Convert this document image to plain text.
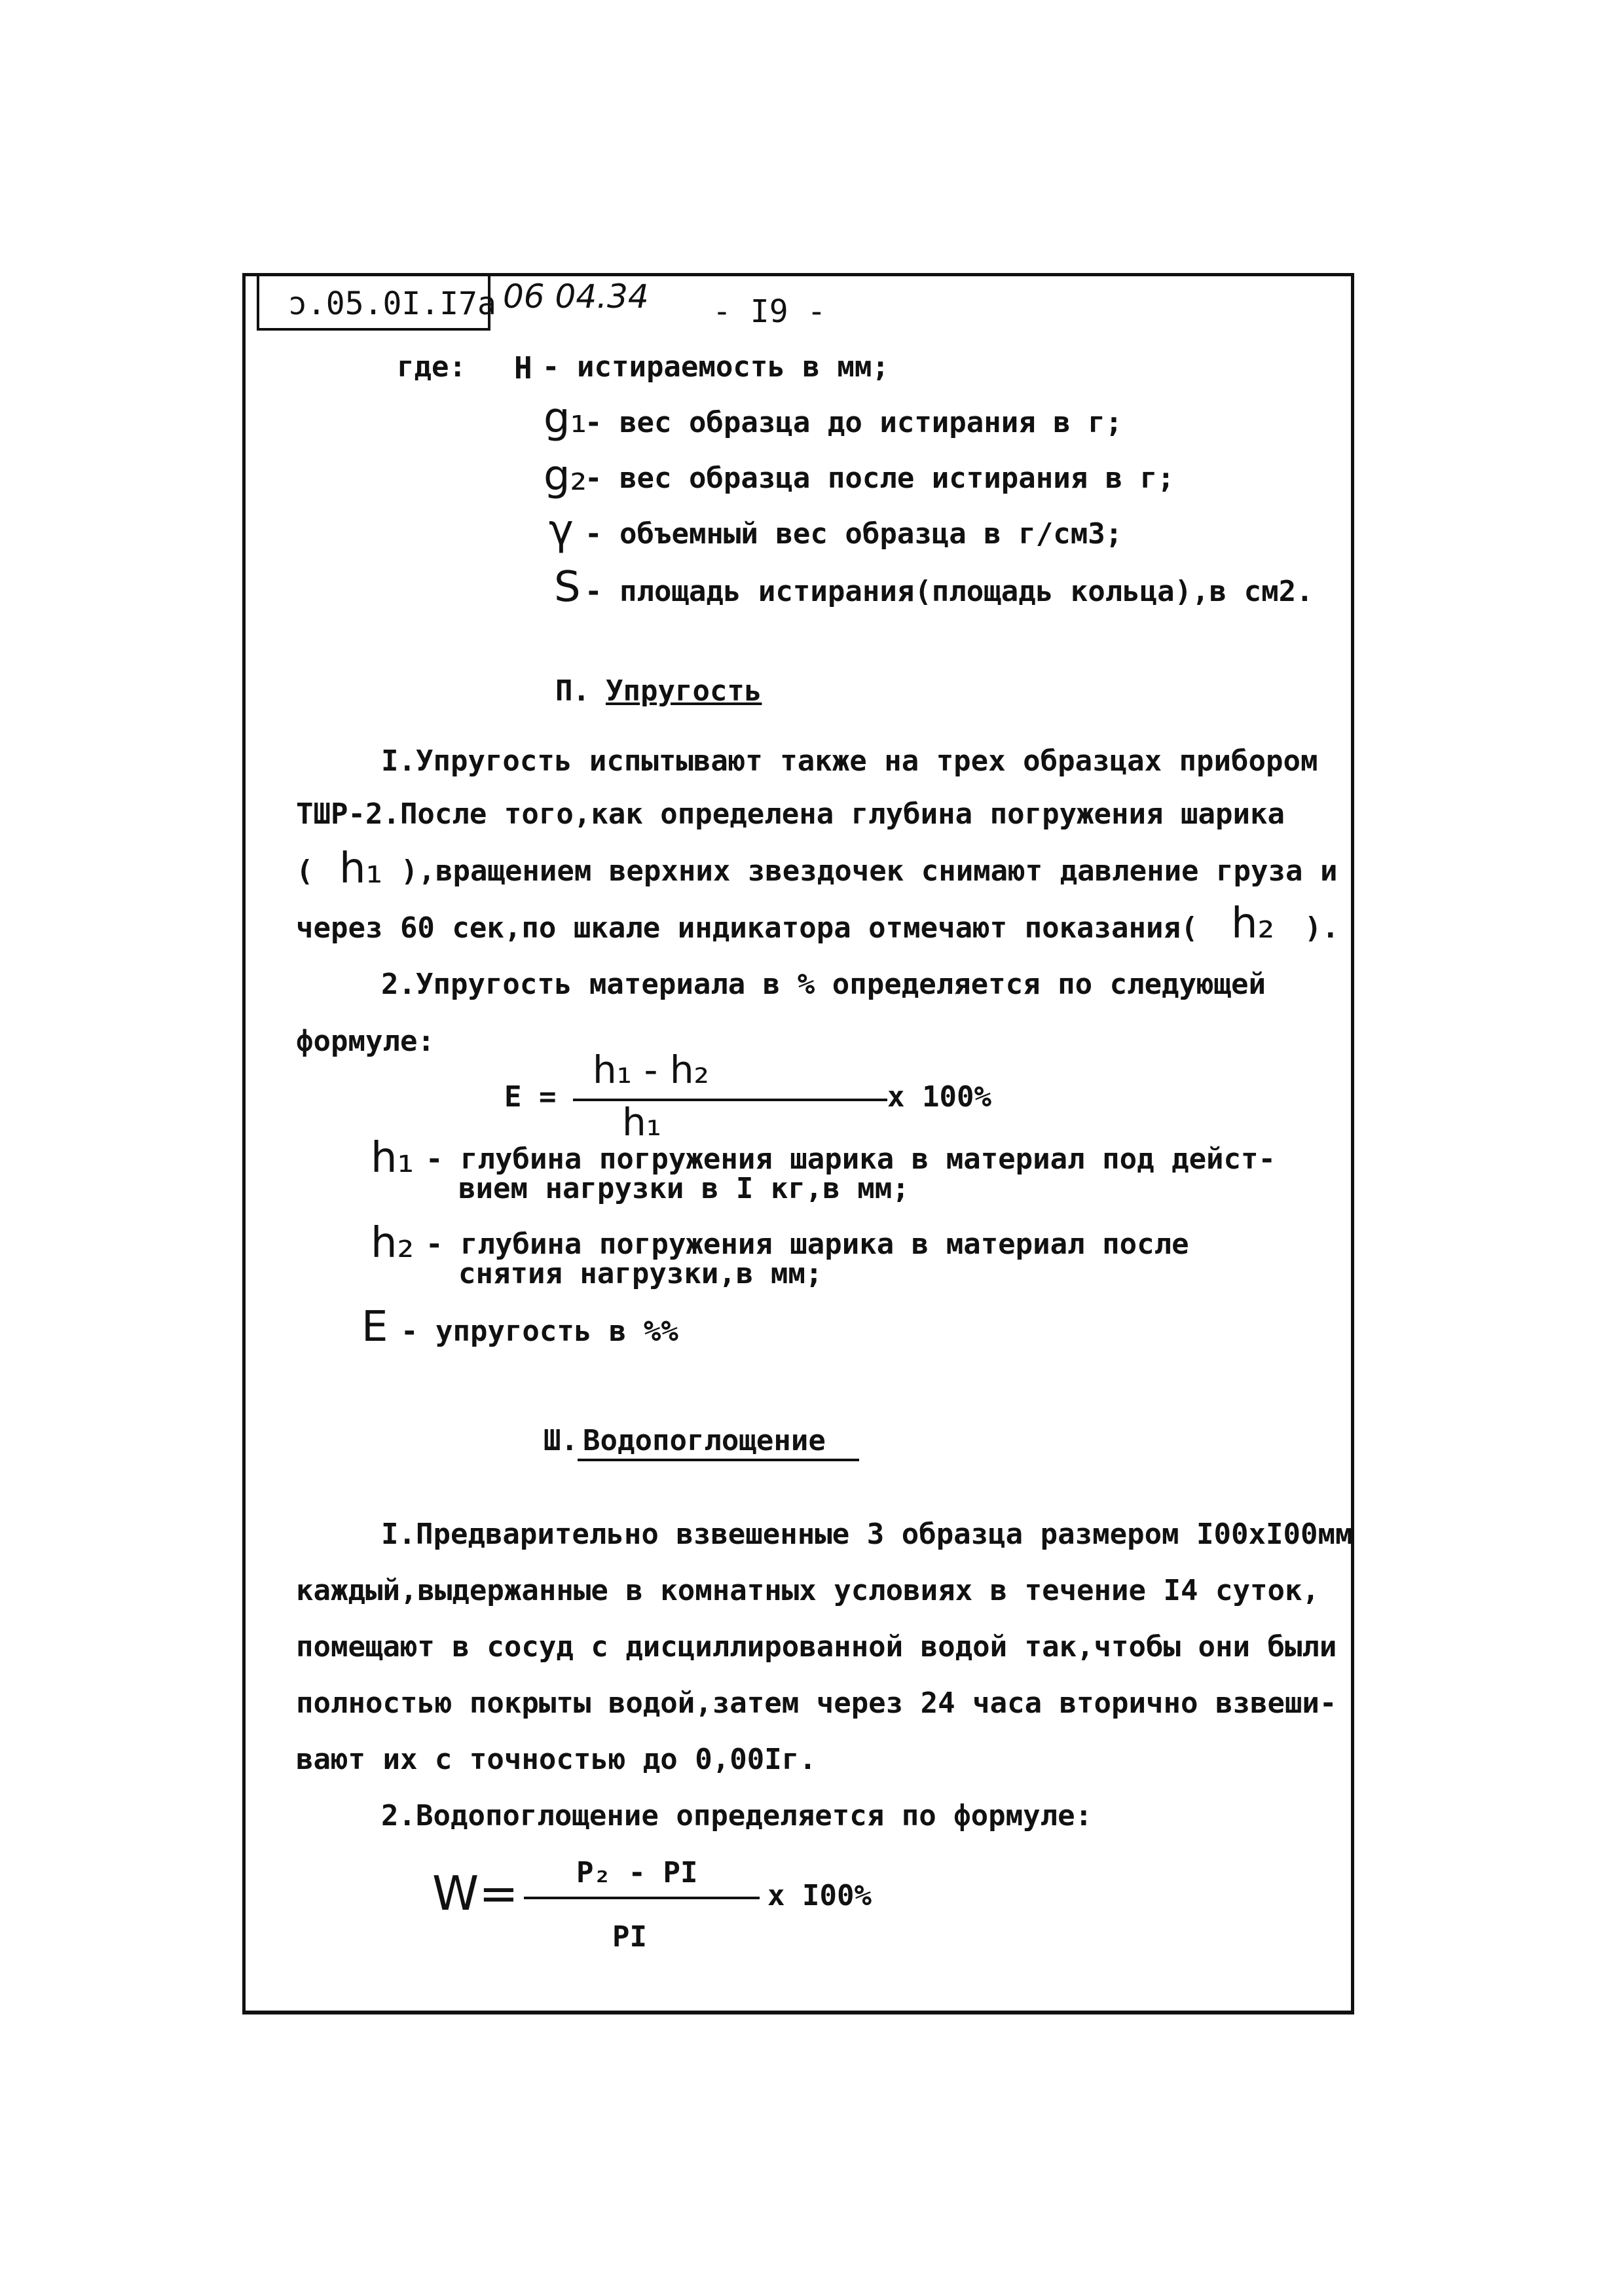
ɔ.05.0I.I7a 06 04.34 - I9 -
где: H - истираемость в мм;
g₁
- вес образца до истирания в г;
g₂
- вес образца после истирания в г;
γ - объемный вес образца в г/см3;
S - площадь истирания(площадь кольца),в см2.
П. Упругость
I.Упругость испытывают также на трех образцах прибором
ТШР-2.После того,как определена глубина погружения шарика
( h₁ ),вращением верхних звездочек снимают давление груза и
через 60 сек,по шкале индикатора отмечают показания( h₂ ).
2.Упругость материала в % определяется по следующей
формуле:
E =
h₁ - h₂
h₁
x 100%
h₁ - глубина погружения шарика в материал под дейст-
вием нагрузки в I кг,в мм;
h₂ - глубина погружения шарика в материал после
снятия нагрузки,в мм;
E - упругость в %%
Ш. Водопоглощение
I.Предварительно взвешенные 3 образца размером I00xI00мм
каждый,выдержанные в комнатных условиях в течение I4 суток,
помещают в сосуд с дисциллированной водой так,чтобы они были
полностью покрыты водой,затем через 24 часа вторично взвеши-
вают их с точностью до 0,00Iг.
2.Водопоглощение определяется по формуле:
W= P₂ - PI
PI
x I00%
